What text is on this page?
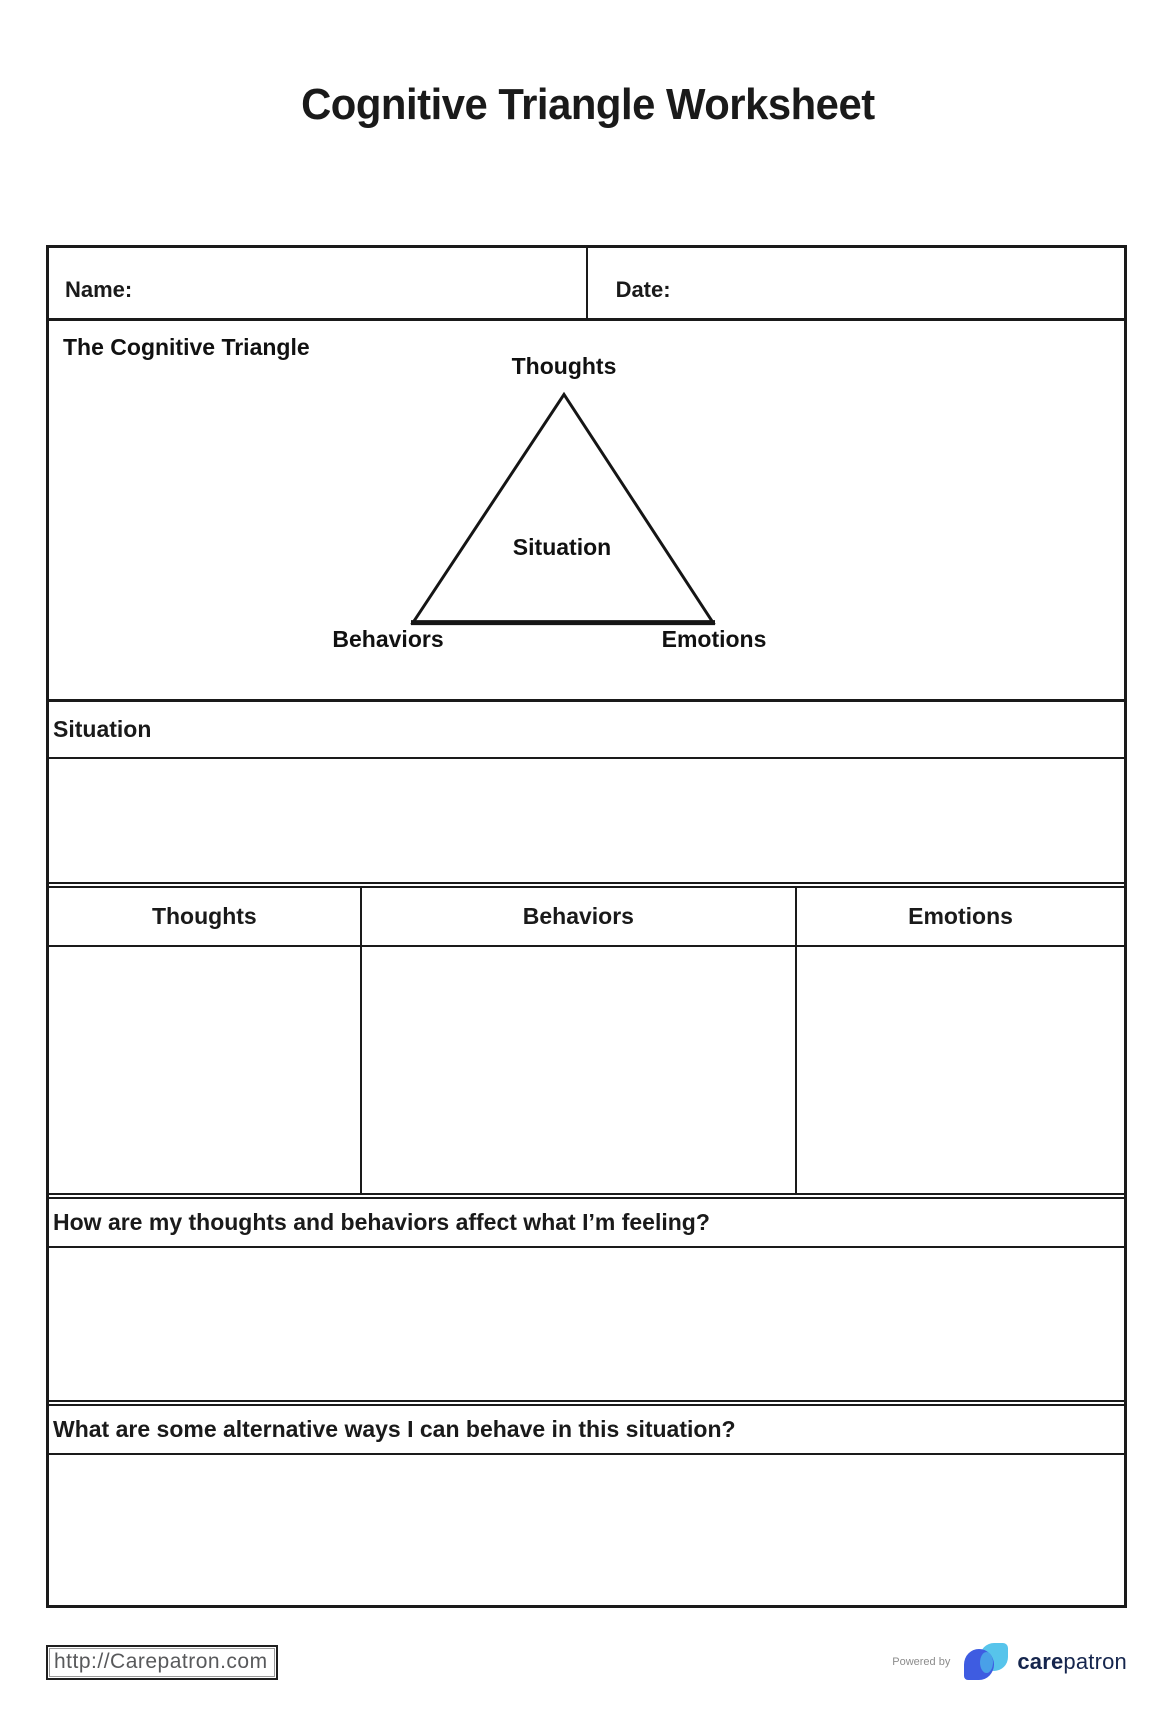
Cognitive Triangle Worksheet
Name:	Date:
The Cognitive Triangle
Thoughts
Situation
Behaviors	Emotions
Situation
Thoughts	Behaviors	Emotions
How are my thoughts and behaviors affect what I’m feeling?
What are some alternative ways I can behave in this situation?
http://Carepatron.com	Powered by	carepatron
